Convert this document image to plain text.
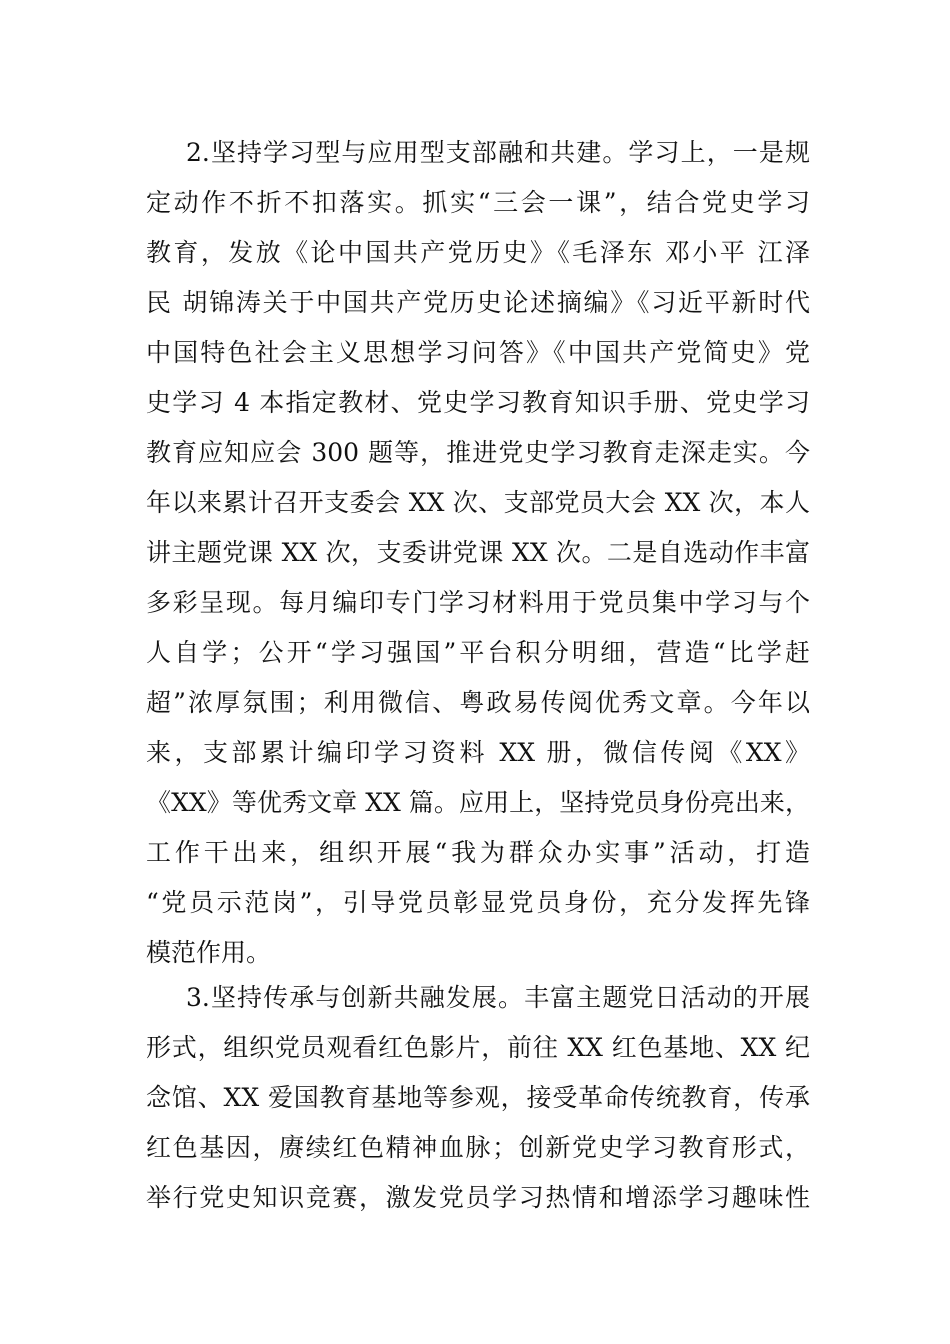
2.坚持学习型与应用型支部融和共建。学习上，一是规
定动作不折不扣落实。抓实“三会一课”，结合党史学习
教育，发放《论中国共产党历史》《毛泽东 邓小平 江泽
民 胡锦涛关于中国共产党历史论述摘编》《习近平新时代
中国特色社会主义思想学习问答》《中国共产党简史》党
史学习 4 本指定教材、党史学习教育知识手册、党史学习
教育应知应会 300 题等，推进党史学习教育走深走实。今
年以来累计召开支委会 XX 次、支部党员大会 XX 次，本人
讲主题党课 XX 次，支委讲党课 XX 次。二是自选动作丰富
多彩呈现。每月编印专门学习材料用于党员集中学习与个
人自学；公开“学习强国”平台积分明细，营造“比学赶
超”浓厚氛围；利用微信、粤政易传阅优秀文章。今年以
来，支部累计编印学习资料 XX 册，微信传阅《XX》
《XX》等优秀文章 XX 篇。应用上，坚持党员身份亮出来，
工作干出来，组织开展“我为群众办实事”活动，打造
“党员示范岗”，引导党员彰显党员身份，充分发挥先锋
模范作用。
3.坚持传承与创新共融发展。丰富主题党日活动的开展
形式，组织党员观看红色影片，前往 XX 红色基地、XX 纪
念馆、XX 爱国教育基地等参观，接受革命传统教育，传承
红色基因，赓续红色精神血脉；创新党史学习教育形式，
举行党史知识竞赛，激发党员学习热情和增添学习趣味性
